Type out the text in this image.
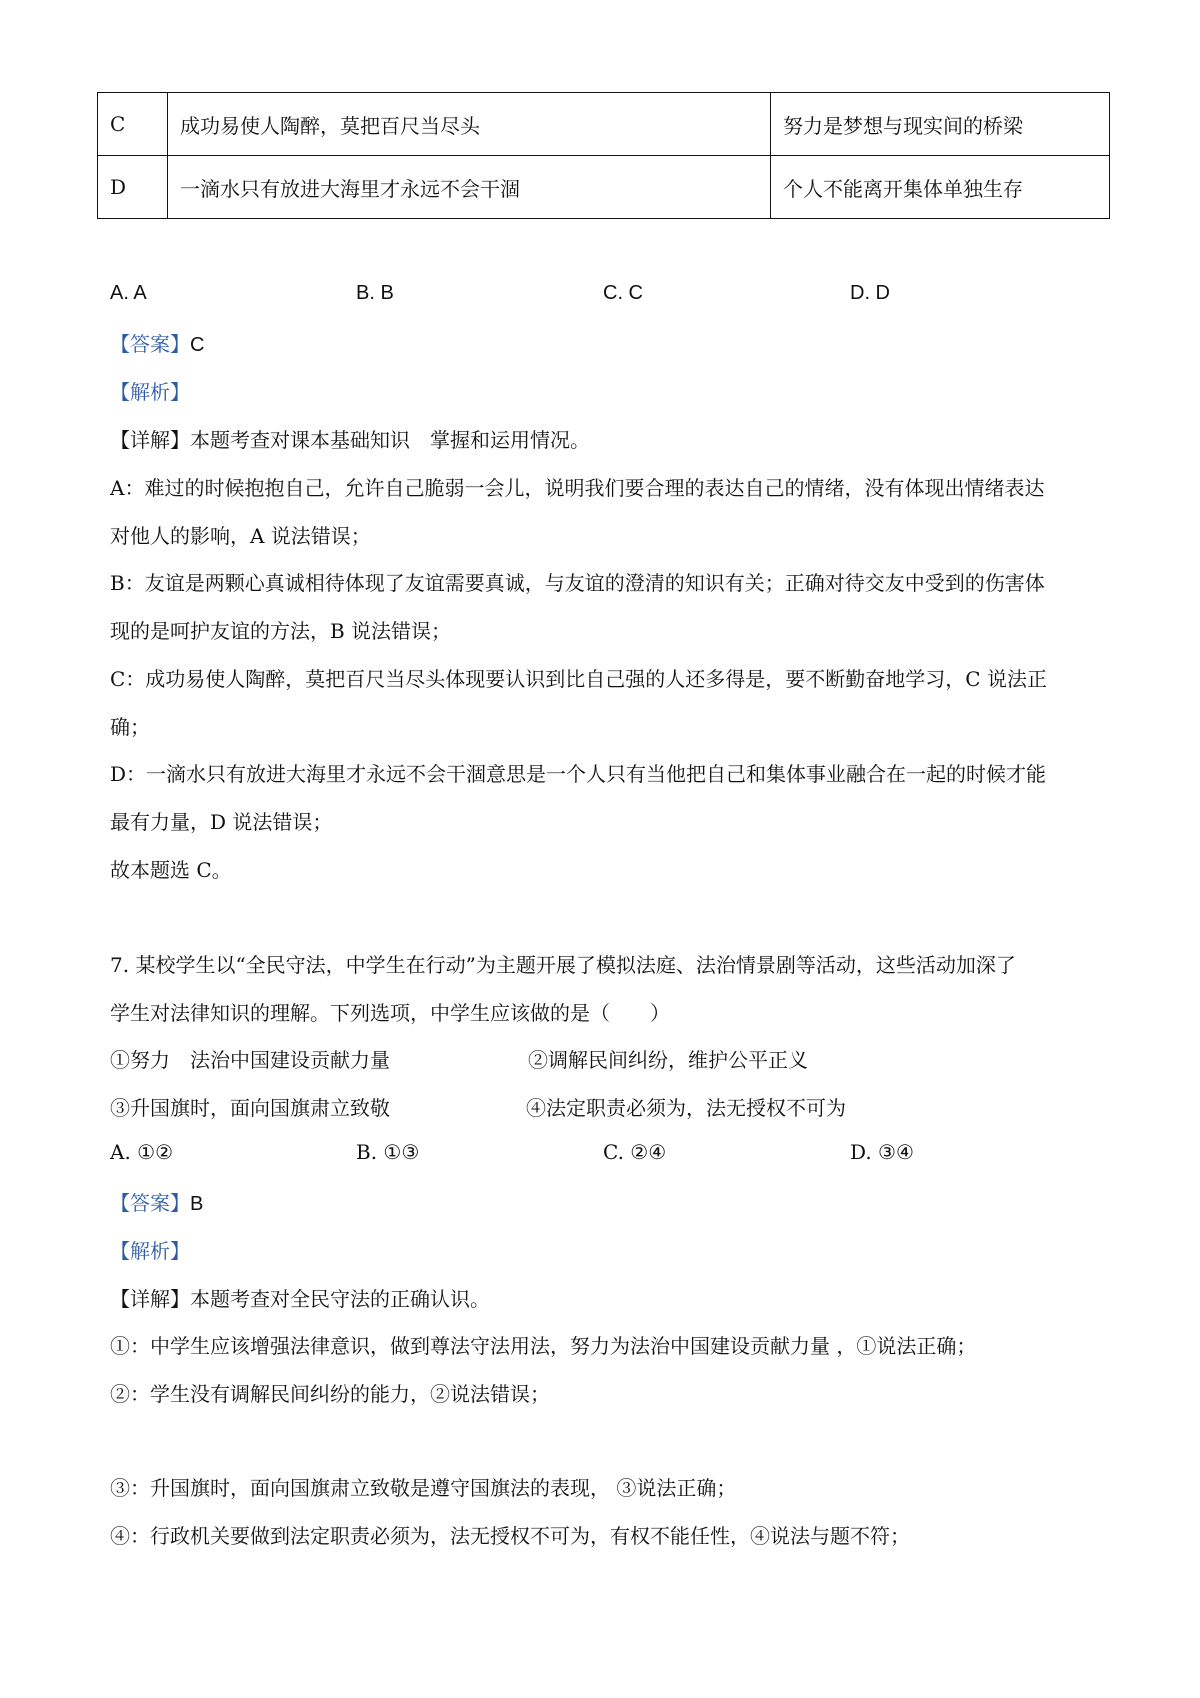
C	成功易使人陶醉，莫把百尺当尽头	努力是梦想与现实间的桥梁
D	一滴水只有放进大海里才永远不会干涸	个人不能离开集体单独生存
A. A	B. B	C. C	D. D
【答案】C
【解析】
【详解】本题考查对课本基础知识　掌握和运用情况。
A：难过的时候抱抱自己，允许自己脆弱一会儿，说明我们要合理的表达自己的情绪，没有体现出情绪表达
对他人的影响，A 说法错误；
B：友谊是两颗心真诚相待体现了友谊需要真诚，与友谊的澄清的知识有关；正确对待交友中受到的伤害体
现的是呵护友谊的方法，B 说法错误；
C：成功易使人陶醉，莫把百尺当尽头体现要认识到比自己强的人还多得是，要不断勤奋地学习，C 说法正
确；
D：一滴水只有放进大海里才永远不会干涸意思是一个人只有当他把自己和集体事业融合在一起的时候才能
最有力量，D 说法错误；
故本题选 C。
7. 某校学生以“全民守法，中学生在行动”为主题开展了模拟法庭、法治情景剧等活动，这些活动加深了
学生对法律知识的理解。下列选项，中学生应该做的是（　　）
①努力　法治中国建设贡献力量	②调解民间纠纷，维护公平正义
③升国旗时，面向国旗肃立致敬	④法定职责必须为，法无授权不可为
A. ①②	B. ①③	C. ②④	D. ③④
【答案】B
【解析】
【详解】本题考查对全民守法的正确认识。
①：中学生应该增强法律意识，做到尊法守法用法，努力为法治中国建设贡献力量 ，①说法正确；
②：学生没有调解民间纠纷的能力，②说法错误；
③：升国旗时，面向国旗肃立致敬是遵守国旗法的表现， ③说法正确；
④：行政机关要做到法定职责必须为，法无授权不可为，有权不能任性，④说法与题不符；
